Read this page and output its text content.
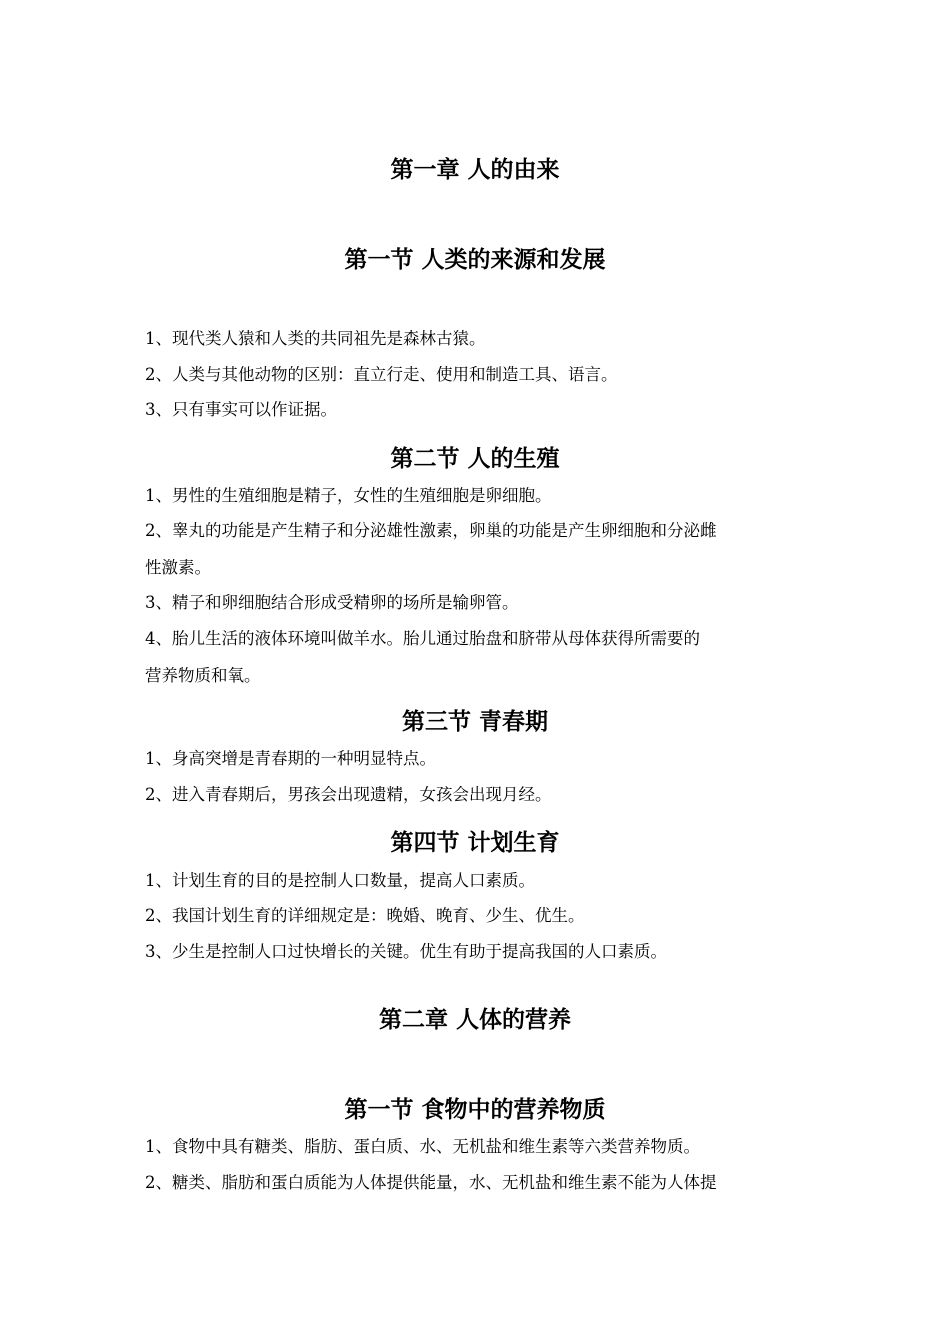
第一章 人的由来
第一节 人类的来源和发展

1、现代类人猿和人类的共同祖先是森林古猿。

2、人类与其他动物的区别：直立行走、使用和制造工具、语言。

3、只有事实可以作证据。

第二节 人的生殖

1、男性的生殖细胞是精子，女性的生殖细胞是卵细胞。

2、睾丸的功能是产生精子和分泌雄性激素，卵巢的功能是产生卵细胞和分泌雌

性激素。

3、精子和卵细胞结合形成受精卵的场所是输卵管。

4、胎儿生活的液体环境叫做羊水。胎儿通过胎盘和脐带从母体获得所需要的

营养物质和氧。

第三节 青春期

1、身高突增是青春期的一种明显特点。

2、进入青春期后，男孩会出现遗精，女孩会出现月经。

第四节 计划生育

1、计划生育的目的是控制人口数量，提高人口素质。

2、我国计划生育的详细规定是：晚婚、晚育、少生、优生。

3、少生是控制人口过快增长的关键。优生有助于提高我国的人口素质。

第二章 人体的营养
第一节 食物中的营养物质

1、食物中具有糖类、脂肪、蛋白质、水、无机盐和维生素等六类营养物质。

2、糖类、脂肪和蛋白质能为人体提供能量，水、无机盐和维生素不能为人体提
